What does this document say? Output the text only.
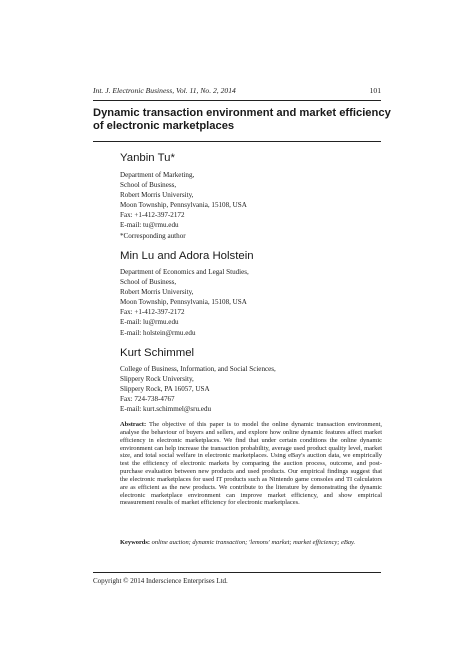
Int. J. Electronic Business, Vol. 11, No. 2, 2014	101
Dynamic transaction environment and market efficiency of electronic marketplaces
Yanbin Tu*
Department of Marketing,
School of Business,
Robert Morris University,
Moon Township, Pennsylvania, 15108, USA
Fax: +1-412-397-2172
E-mail: tu@rmu.edu
*Corresponding author
Min Lu and Adora Holstein
Department of Economics and Legal Studies,
School of Business,
Robert Morris University,
Moon Township, Pennsylvania, 15108, USA
Fax: +1-412-397-2172
E-mail: lu@rmu.edu
E-mail: holstein@rmu.edu
Kurt Schimmel
College of Business, Information, and Social Sciences,
Slippery Rock University,
Slippery Rock, PA 16057, USA
Fax: 724-738-4767
E-mail: kurt.schimmel@sru.edu
Abstract: The objective of this paper is to model the online dynamic transaction environment, analyse the behaviour of buyers and sellers, and explore how online dynamic features affect market efficiency in electronic marketplaces. We find that under certain conditions the online dynamic environment can help increase the transaction probability, average used product quality level, market size, and total social welfare in electronic marketplaces. Using eBay's auction data, we empirically test the efficiency of electronic markets by comparing the auction process, outcome, and post-purchase evaluation between new products and used products. Our empirical findings suggest that the electronic marketplaces for used IT products such as Nintendo game consoles and TI calculators are as efficient as the new products. We contribute to the literature by demonstrating the dynamic electronic marketplace environment can improve market efficiency, and show empirical measurement results of market efficiency for electronic marketplaces.
Keywords: online auction; dynamic transaction; 'lemons' market; market efficiency; eBay.
Copyright © 2014 Inderscience Enterprises Ltd.
